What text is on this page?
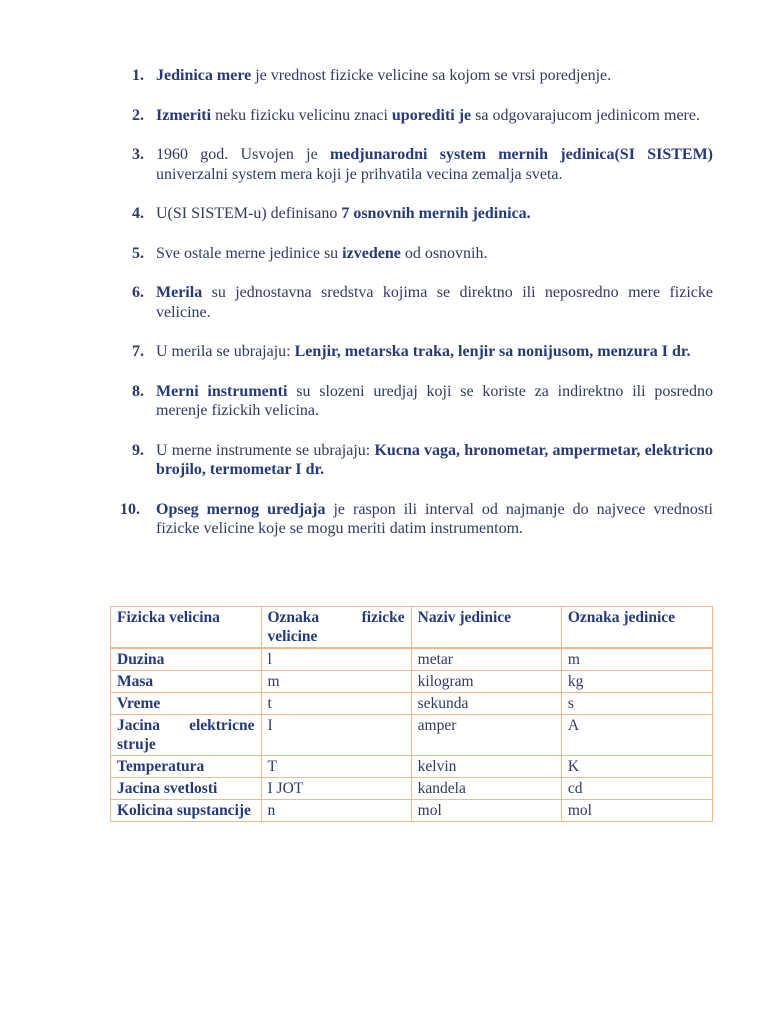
1. Jedinica mere je vrednost fizicke velicine sa kojom se vrsi poredjenje.
2. Izmeriti neku fizicku velicinu znaci uporediti je sa odgovarajucom jedinicom mere.
3. 1960 god. Usvojen je medjunarodni system mernih jedinica(SI SISTEM) univerzalni system mera koji je prihvatila vecina zemalja sveta.
4. U(SI SISTEM-u) definisano 7 osnovnih mernih jedinica.
5. Sve ostale merne jedinice su izvedene od osnovnih.
6. Merila su jednostavna sredstva kojima se direktno ili neposredno mere fizicke velicine.
7. U merila se ubrajaju: Lenjir, metarska traka, lenjir sa nonijusom, menzura I dr.
8. Merni instrumenti su slozeni uredjaj koji se koriste za indirektno ili posredno merenje fizickih velicina.
9. U merne instrumente se ubrajaju: Kucna vaga, hronometar, ampermetar, elektricno brojilo, termometar I dr.
10. Opseg mernog uredjaja je raspon ili interval od najmanje do najvece vrednosti fizicke velicine koje se mogu meriti datim instrumentom.
Fizicka velicina	Oznaka fizicke velicine	Naziv jedinice	Oznaka jedinice
Duzina	l	metar	m
Masa	m	kilogram	kg
Vreme	t	sekunda	s

Jacina elektricne struje	I	amper	A
Temperatura	T	kelvin	K
Jacina svetlosti	I JOT	kandela	cd
Kolicina supstancije	n	mol	mol
